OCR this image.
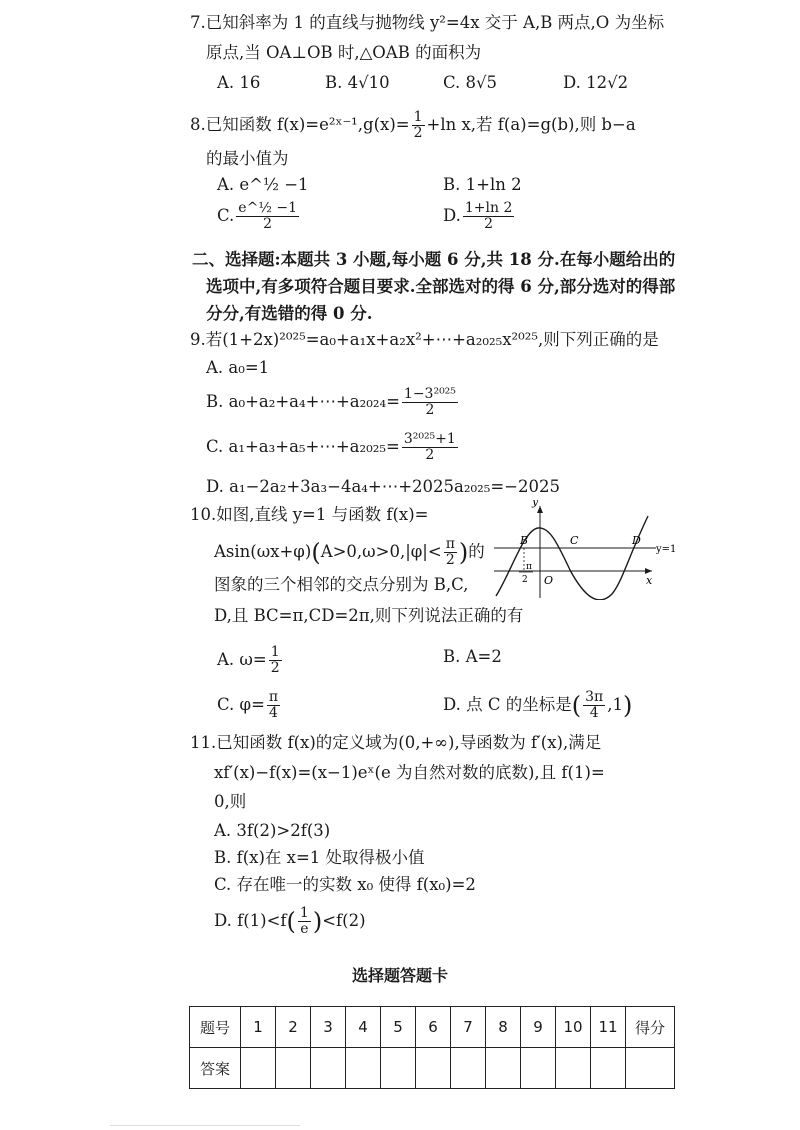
7.已知斜率为 1 的直线与抛物线 y²=4x 交于 A,B 两点,O 为坐标
原点,当 OA⊥OB 时,△OAB 的面积为
A. 16	B. 4√10	C. 8√5	D. 12√2
8.已知函数 f(x)=e²ˣ⁻¹,g(x)= $\frac{1}{2} +\ln$ x,若 f(a)=g(b),则 b−a
的最小值为
A. e^½ −1	B. 1+ln 2
C. $\frac{\text{e\textasciicircum{}½ −1}}{2}$	D. $\frac{1+\ln 2}{2}$
二、选择题:本题共 3 小题,每小题 6 分,共 18 分.在每小题给出的
选项中,有多项符合题目要求.全部选对的得 6 分,部分选对的得部
分分,有选错的得 0 分.
9.若(1+2x)²⁰²⁵=a₀+a₁x+a₂x²+⋯+a₂₀₂₅x²⁰²⁵,则下列正确的是
A. a₀=1
B. a₀+a₂+a₄+⋯+a₂₀₂₄= $\frac{\text{1−3²⁰²⁵}}{2}$
C. a₁+a₃+a₅+⋯+a₂₀₂₅= $\frac{\text{3²⁰²⁵+1}}{2}$
D. a₁−2a₂+3a₃−4a₄+⋯+2025a₂₀₂₅=−2025
10.如图,直线 y=1 与函数 f(x)=
$Asin(\omega x+\varphi)(A>0,\omega>0,|\varphi|< \frac{\pi}{2}$ )的
图象的三个相邻的交点分别为 B,C,
D,且 BC=π,CD=2π,则下列说法正确的有
y
x
O
B	C	D
y=1
π
2
A. $\omega= \frac{1}{2}$	B. A=2
C. $\varphi= \frac{\pi}{4}$	D. 点 C 的坐标是( $\frac{3\pi}{4} ,1$)
11.已知函数 f(x)的定义域为(0,+∞),导函数为 f′(x),满足
xf′(x)−f(x)=(x−1)eˣ(e 为自然对数的底数),且 f(1)=
0,则
A. 3f(2)>2f(3)
B. f(x)在 x=1 处取得极小值
C. 存在唯一的实数 x₀ 使得 f(x₀)=2
D. $f(1)<f( \frac{1}{e} )<f(2)$
选择题答题卡
题号	1	2	3	4	5	6	7	8	9	10	11	得分
答案												
